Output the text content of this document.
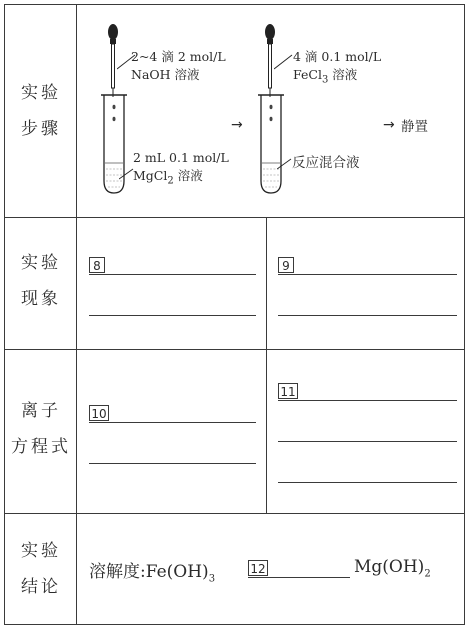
实验
步骤
实验
现象
离子
方程式
实验
结论
2~4 滴 2 mol/L
NaOH 溶液
2 mL 0.1 mol/L
MgCl$_2$ 溶液
→
4 滴 0.1 mol/L
FeCl$_3$ 溶液
反应混合液
→ 静置
8	9
10
11
溶解度$:Fe(OH)_3$
12	$Mg(OH)_2$
